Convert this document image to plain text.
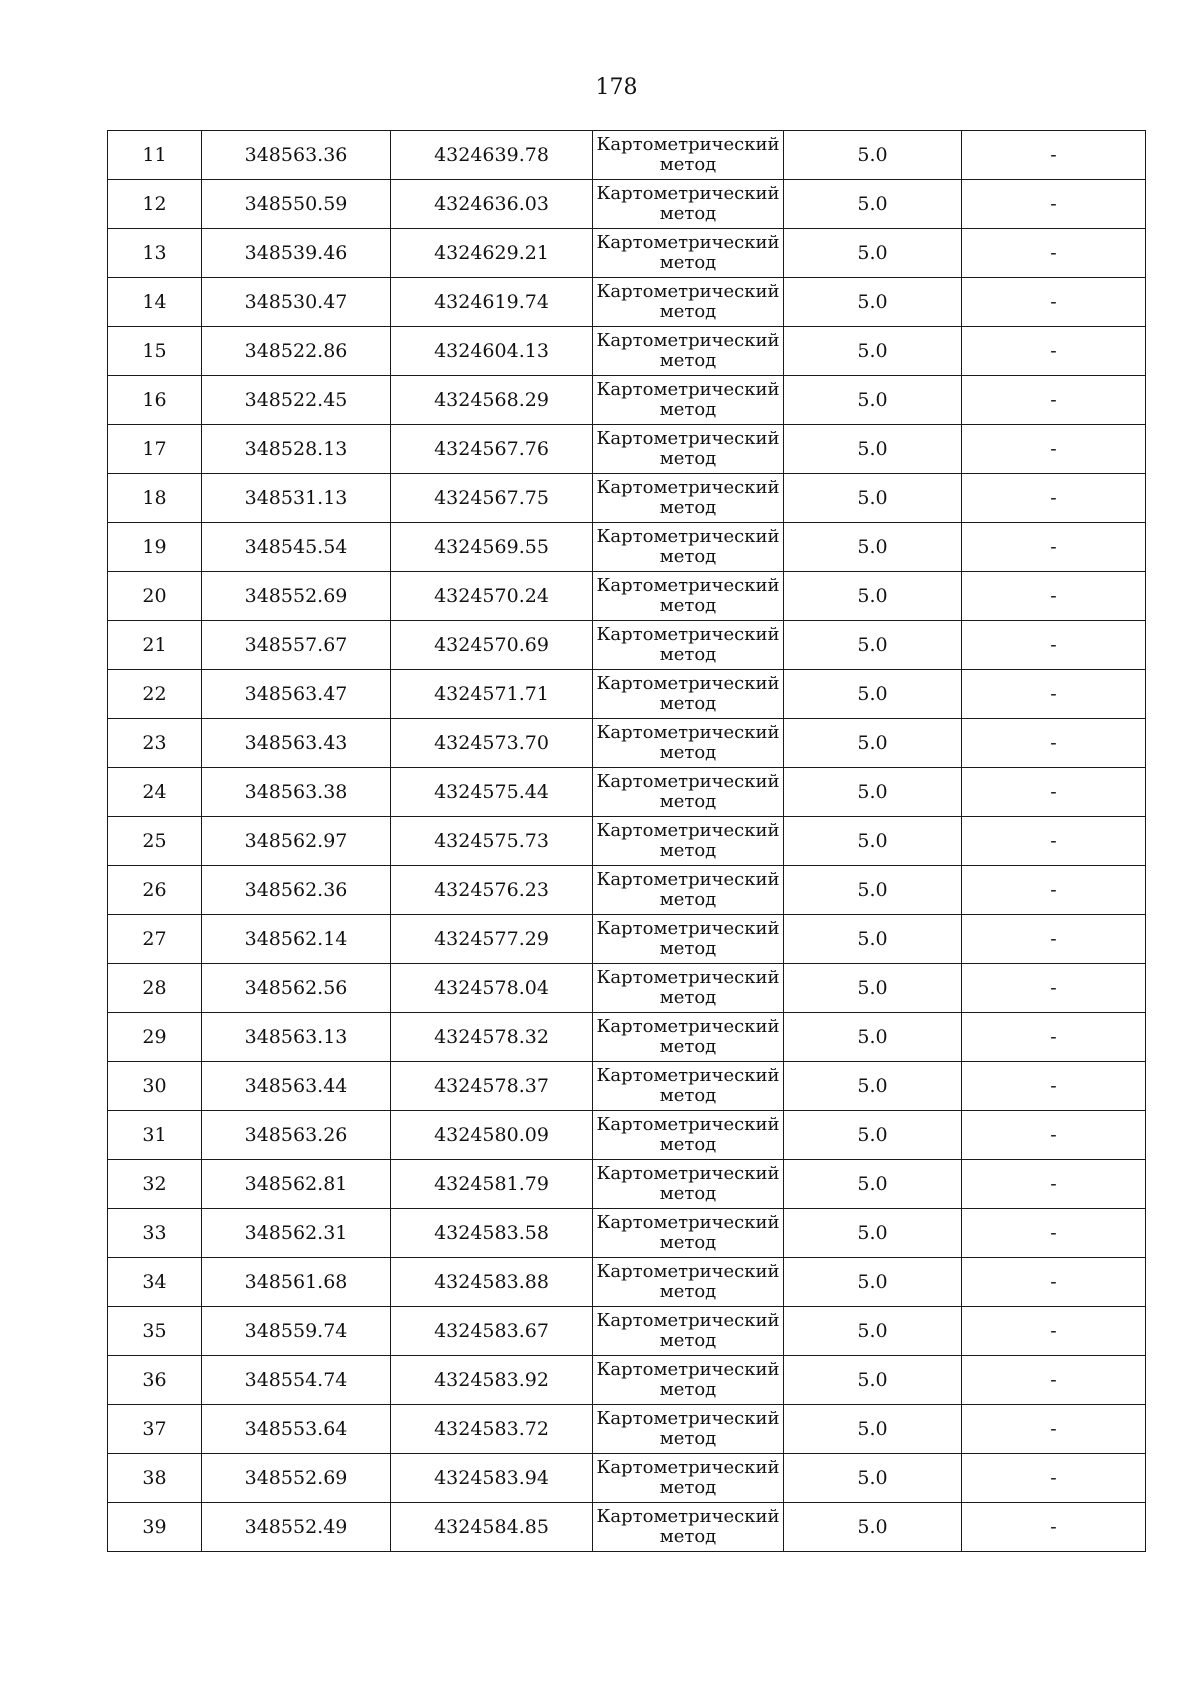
178
11	348563.36	4324639.78	Картометрический метод	5.0	-
12	348550.59	4324636.03	Картометрический метод	5.0	-
13	348539.46	4324629.21	Картометрический метод	5.0	-
14	348530.47	4324619.74	Картометрический метод	5.0	-
15	348522.86	4324604.13	Картометрический метод	5.0	-
16	348522.45	4324568.29	Картометрический метод	5.0	-
17	348528.13	4324567.76	Картометрический метод	5.0	-
18	348531.13	4324567.75	Картометрический метод	5.0	-
19	348545.54	4324569.55	Картометрический метод	5.0	-
20	348552.69	4324570.24	Картометрический метод	5.0	-
21	348557.67	4324570.69	Картометрический метод	5.0	-
22	348563.47	4324571.71	Картометрический метод	5.0	-
23	348563.43	4324573.70	Картометрический метод	5.0	-
24	348563.38	4324575.44	Картометрический метод	5.0	-
25	348562.97	4324575.73	Картометрический метод	5.0	-
26	348562.36	4324576.23	Картометрический метод	5.0	-
27	348562.14	4324577.29	Картометрический метод	5.0	-
28	348562.56	4324578.04	Картометрический метод	5.0	-
29	348563.13	4324578.32	Картометрический метод	5.0	-
30	348563.44	4324578.37	Картометрический метод	5.0	-
31	348563.26	4324580.09	Картометрический метод	5.0	-
32	348562.81	4324581.79	Картометрический метод	5.0	-
33	348562.31	4324583.58	Картометрический метод	5.0	-
34	348561.68	4324583.88	Картометрический метод	5.0	-
35	348559.74	4324583.67	Картометрический метод	5.0	-
36	348554.74	4324583.92	Картометрический метод	5.0	-
37	348553.64	4324583.72	Картометрический метод	5.0	-
38	348552.69	4324583.94	Картометрический метод	5.0	-
39	348552.49	4324584.85	Картометрический метод	5.0	-
